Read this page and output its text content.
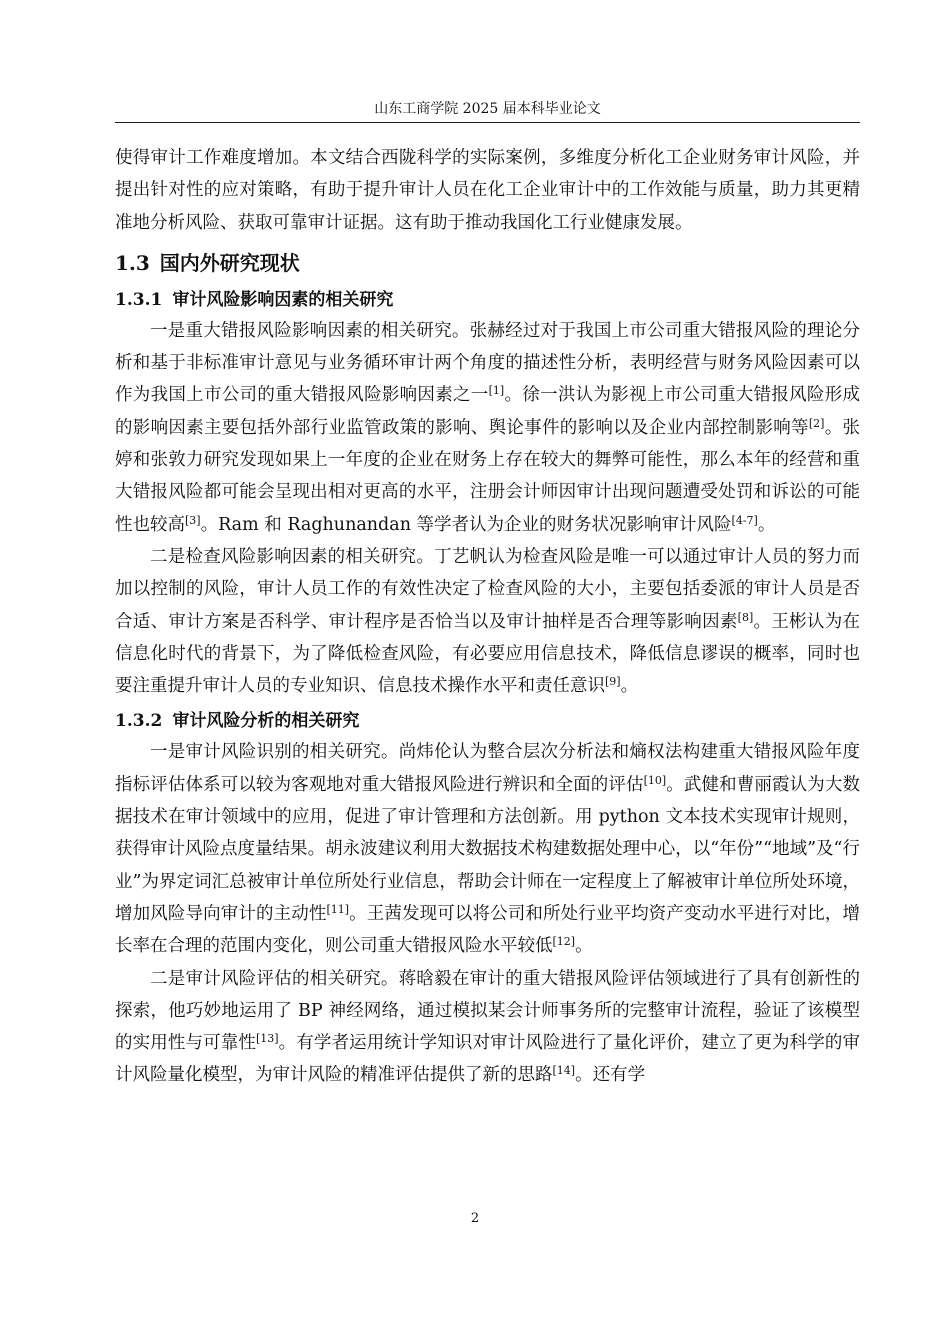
山东工商学院 2025 届本科毕业论文

使得审计工作难度增加。本文结合西陇科学的实际案例，多维度分析化工企业财务审计风险，并提出针对性的应对策略，有助于提升审计人员在化工企业审计中的工作效能与质量，助力其更精准地分析风险、获取可靠审计证据。这有助于推动我国化工行业健康发展。

1.3 国内外研究现状
1.3.1 审计风险影响因素的相关研究

一是重大错报风险影响因素的相关研究。张赫经过对于我国上市公司重大错报风险的理论分析和基于非标准审计意见与业务循环审计两个角度的描述性分析，表明经营与财务风险因素可以作为我国上市公司的重大错报风险影响因素之一[1]。徐一洪认为影视上市公司重大错报风险形成的影响因素主要包括外部行业监管政策的影响、舆论事件的影响以及企业内部控制影响等[2]。张婷和张敦力研究发现如果上一年度的企业在财务上存在较大的舞弊可能性，那么本年的经营和重大错报风险都可能会呈现出相对更高的水平，注册会计师因审计出现问题遭受处罚和诉讼的可能性也较高[3]。Ram 和 Raghunandan 等学者认为企业的财务状况影响审计风险[4-7]。

二是检查风险影响因素的相关研究。丁艺帆认为检查风险是唯一可以通过审计人员的努力而加以控制的风险，审计人员工作的有效性决定了检查风险的大小，主要包括委派的审计人员是否合适、审计方案是否科学、审计程序是否恰当以及审计抽样是否合理等影响因素[8]。王彬认为在信息化时代的背景下，为了降低检查风险，有必要应用信息技术，降低信息谬误的概率，同时也要注重提升审计人员的专业知识、信息技术操作水平和责任意识[9]。

1.3.2 审计风险分析的相关研究

一是审计风险识别的相关研究。尚炜伦认为整合层次分析法和熵权法构建重大错报风险年度指标评估体系可以较为客观地对重大错报风险进行辨识和全面的评估[10]。武健和曹丽霞认为大数据技术在审计领域中的应用，促进了审计管理和方法创新。用 python 文本技术实现审计规则，获得审计风险点度量结果。胡永波建议利用大数据技术构建数据处理中心，以“年份”“地域”及“行业”为界定词汇总被审计单位所处行业信息，帮助会计师在一定程度上了解被审计单位所处环境，增加风险导向审计的主动性[11]。王茜发现可以将公司和所处行业平均资产变动水平进行对比，增长率在合理的范围内变化，则公司重大错报风险水平较低[12]。

二是审计风险评估的相关研究。蒋晗毅在审计的重大错报风险评估领域进行了具有创新性的探索，他巧妙地运用了 BP 神经网络，通过模拟某会计师事务所的完整审计流程，验证了该模型的实用性与可靠性[13]。有学者运用统计学知识对审计风险进行了量化评价，建立了更为科学的审计风险量化模型，为审计风险的精准评估提供了新的思路[14]。还有学

2
